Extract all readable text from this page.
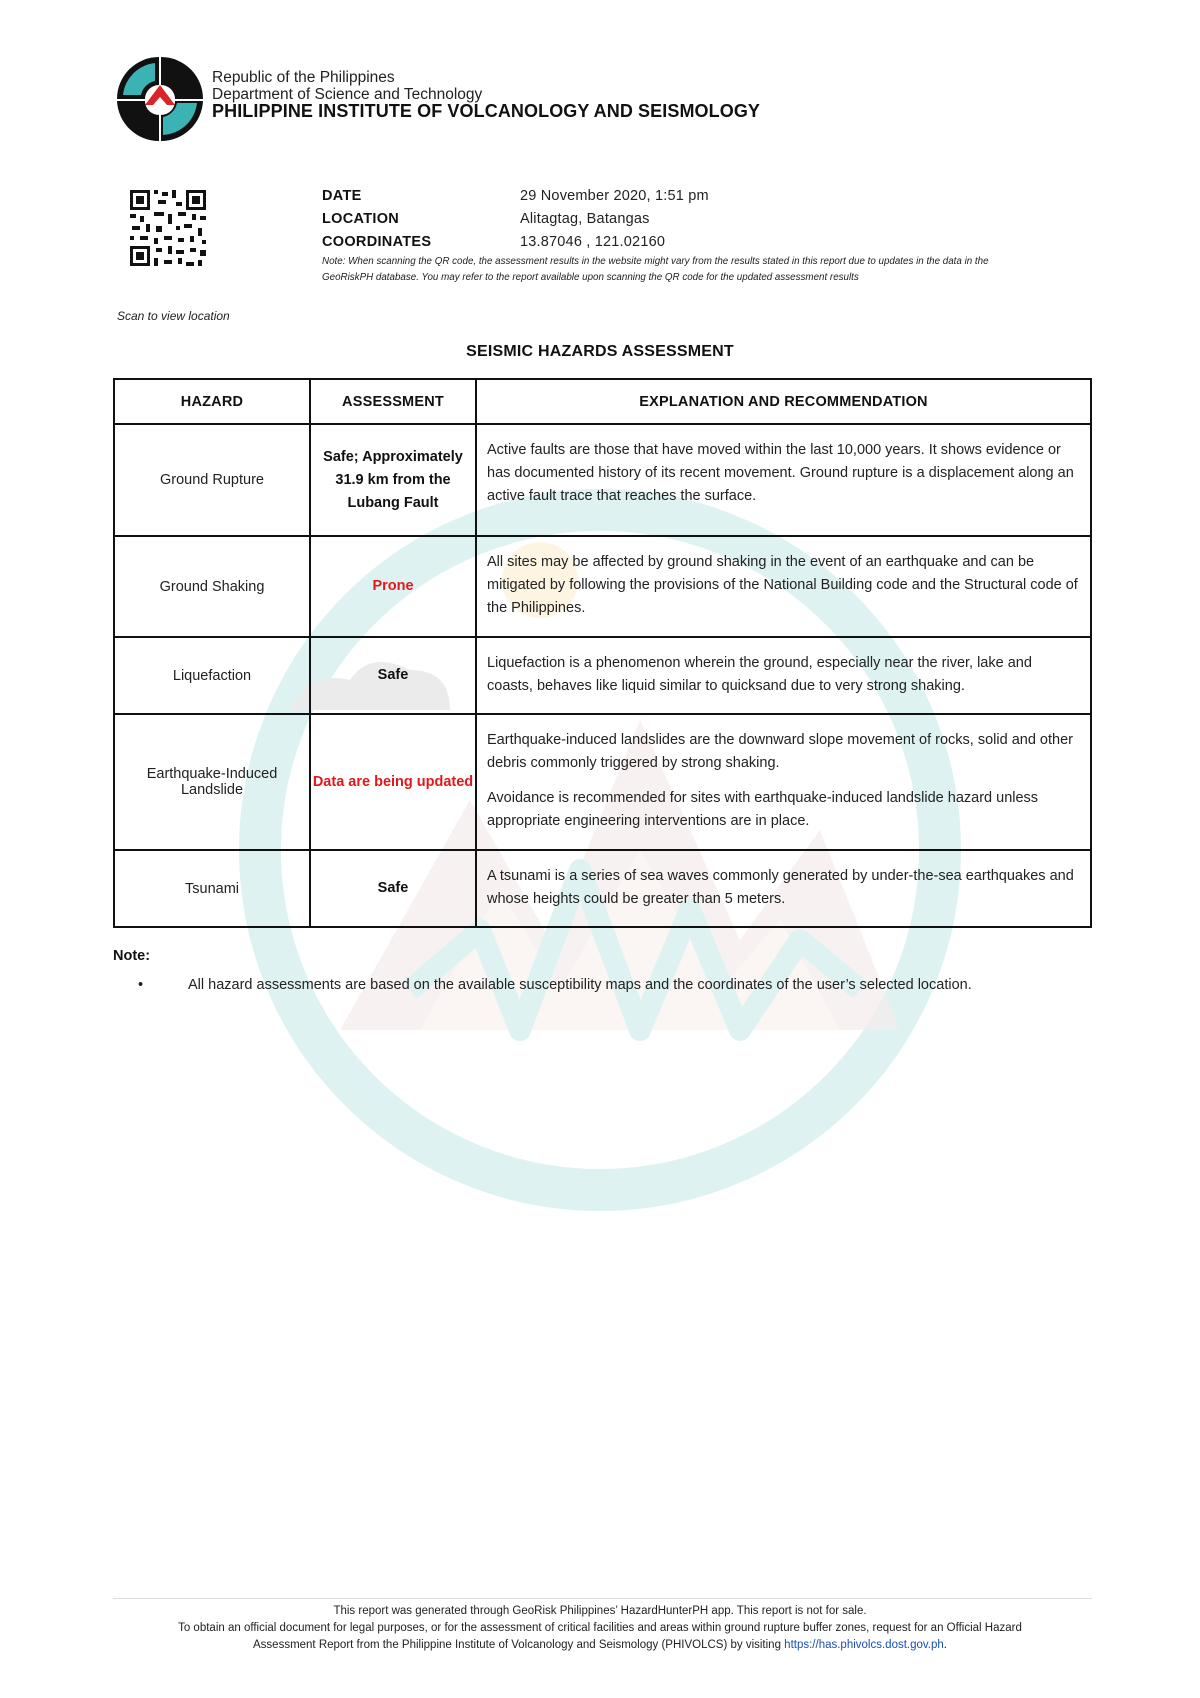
Republic of the Philippines
Department of Science and Technology
PHILIPPINE INSTITUTE OF VOLCANOLOGY AND SEISMOLOGY
Scan to view location
DATE	29 November 2020, 1:51 pm
LOCATION	Alitagtag, Batangas
COORDINATES	13.87046 , 121.02160
Note: When scanning the QR code, the assessment results in the website might vary from the results stated in this report due to updates in the data in the GeoRiskPH database. You may refer to the report available upon scanning the QR code for the updated assessment results
SEISMIC HAZARDS ASSESSMENT
HAZARD	ASSESSMENT	EXPLANATION AND RECOMMENDATION
Ground Rupture	Safe; Approximately 31.9 km from the Lubang Fault	Active faults are those that have moved within the last 10,000 years. It shows evidence or has documented history of its recent movement. Ground rupture is a displacement along an active fault trace that reaches the surface.

Ground Shaking	Prone	All sites may be affected by ground shaking in the event of an earthquake and can be mitigated by following the provisions of the National Building code and the Structural code of the Philippines.

Liquefaction	Safe	Liquefaction is a phenomenon wherein the ground, especially near the river, lake and coasts, behaves like liquid similar to quicksand due to very strong shaking.

Earthquake-Induced Landslide	Data are being updated	Earthquake-induced landslides are the downward slope movement of rocks, solid and other debris commonly triggered by strong shaking.

Avoidance is recommended for sites with earthquake-induced landslide hazard unless appropriate engineering interventions are in place.

Tsunami	Safe	A tsunami is a series of sea waves commonly generated by under-the-sea earthquakes and whose heights could be greater than 5 meters.

Note:
•	All hazard assessments are based on the available susceptibility maps and the coordinates of the user’s selected location.
This report was generated through GeoRisk Philippines’ HazardHunterPH app. This report is not for sale.
To obtain an official document for legal purposes, or for the assessment of critical facilities and areas within ground rupture buffer zones, request for an Official Hazard
Assessment Report from the Philippine Institute of Volcanology and Seismology (PHIVOLCS) by visiting https://has.phivolcs.dost.gov.ph.
